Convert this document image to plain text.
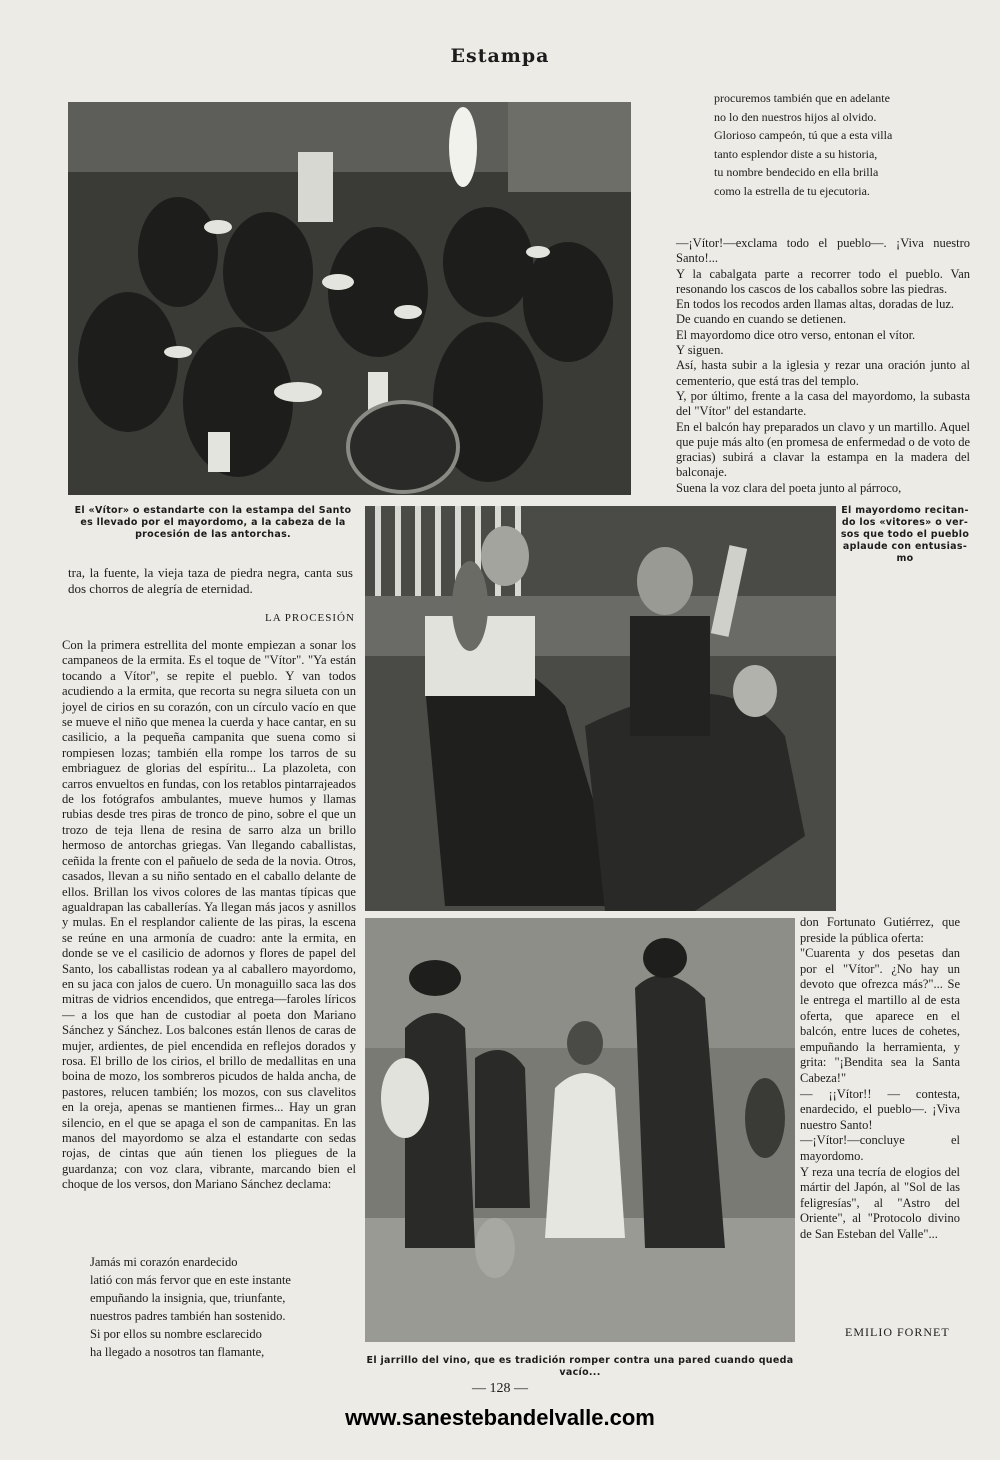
Estampa

procuremos también que en adelante

no lo den nuestros hijos al olvido.

Glorioso campeón, tú que a esta villa

tanto esplendor diste a su historia,

tu nombre bendecido en ella brilla

como la estrella de tu ejecutoria.

—¡Vítor!—exclama todo el pueblo—. ¡Viva nuestro Santo!...

Y la cabalgata parte a recorrer todo el pueblo. Van resonando los cascos de los caballos sobre las piedras.

En todos los recodos arden llamas altas, doradas de luz.

De cuando en cuando se detienen.

El mayordomo dice otro verso, entonan el vítor.

Y siguen.

Así, hasta subir a la iglesia y rezar una oración junto al cementerio, que está tras del templo.

Y, por último, frente a la casa del mayordomo, la subasta del "Vítor" del estandarte.

En el balcón hay preparados un clavo y un martillo. Aquel que puje más alto (en promesa de enfermedad o de voto de gracias) subirá a clavar la estampa en la madera del balconaje.

Suena la voz clara del poeta junto al párroco,

El «Vítor» o estandarte con la estampa del Santo es llevado por el mayordomo, a la cabeza de la procesión de las antorchas.
El mayordomo recitan- do los «vitores» o ver- sos que todo el pueblo aplaude con entusias- mo
tra, la fuente, la vieja taza de piedra negra, canta sus dos chorros de alegría de eternidad.
LA PROCESIÓN
Con la primera estrellita del monte empiezan a sonar los campaneos de la ermita. Es el toque de "Vítor". "Ya están tocando a Vítor", se repite el pueblo. Y van todos acudiendo a la ermita, que recorta su negra silueta con un joyel de cirios en su corazón, con un círculo vacío en que se mueve el niño que menea la cuerda y hace cantar, en su casilicio, a la pequeña campanita que suena como si rompiesen lozas; también ella rompe los tarros de su embriaguez de glorias del espíritu... La plazoleta, con carros envueltos en fundas, con los retablos pintarrajeados de los fotógrafos ambulantes, mueve humos y llamas rubias desde tres piras de tronco de pino, sobre el que un trozo de teja llena de resina de sarro alza un brillo hermoso de antorchas griegas. Van llegando caballistas, ceñida la frente con el pañuelo de seda de la novia. Otros, casados, llevan a su niño sentado en el caballo delante de ellos. Brillan los vivos colores de las mantas típicas que agualdrapan las caballerías. Ya llegan más jacos y asnillos y mulas. En el resplandor caliente de las piras, la escena se reúne en una armonía de cuadro: ante la ermita, en donde se ve el casilicio de adornos y flores de papel del Santo, los caballistas rodean ya al caballero mayordomo, en su jaca con jalos de cuero. Un monaguillo saca las dos mitras de vidrios encendidos, que entrega—faroles líricos— a los que han de custodiar al poeta don Mariano Sánchez y Sánchez. Los balcones están llenos de caras de mujer, ardientes, de piel encendida en reflejos dorados y rosa. El brillo de los cirios, el brillo de medallitas en una boina de mozo, los sombreros picudos de halda ancha, de pastores, relucen también; los mozos, con sus clavelitos en la oreja, apenas se mantienen firmes... Hay un gran silencio, en el que se apaga el son de campanitas. En las manos del mayordomo se alza el estandarte con sedas rojas, de cintas que aún tienen los pliegues de la guardanza; con voz clara, vibrante, marcando bien el choque de los versos, don Mariano Sánchez declama:

Jamás mi corazón enardecido

latió con más fervor que en este instante

empuñando la insignia, que, triunfante,

nuestros padres también han sostenido.

Si por ellos su nombre esclarecido

ha llegado a nosotros tan flamante,

El jarrillo del vino, que es tradición romper contra una pared cuando queda vacío...

don Fortunato Gutiérrez, que preside la pública oferta:

"Cuarenta y dos pesetas dan por el "Vítor". ¿No hay un devoto que ofrezca más?"... Se le entrega el martillo al de esta oferta, que aparece en el balcón, entre luces de cohetes, empuñando la herramienta, y grita: "¡Bendita sea la Santa Cabeza!"

— ¡¡Vítor!! — contesta, enardecido, el pueblo—. ¡Viva nuestro Santo!

—¡Vítor!—concluye el mayordomo.

Y reza una tecría de elogios del mártir del Japón, al "Sol de las feligresías", al "Astro del Oriente", al "Protocolo divino de San Esteban del Valle"...

EMILIO FORNET
— 128 —
www.sanestebandelvalle.com
